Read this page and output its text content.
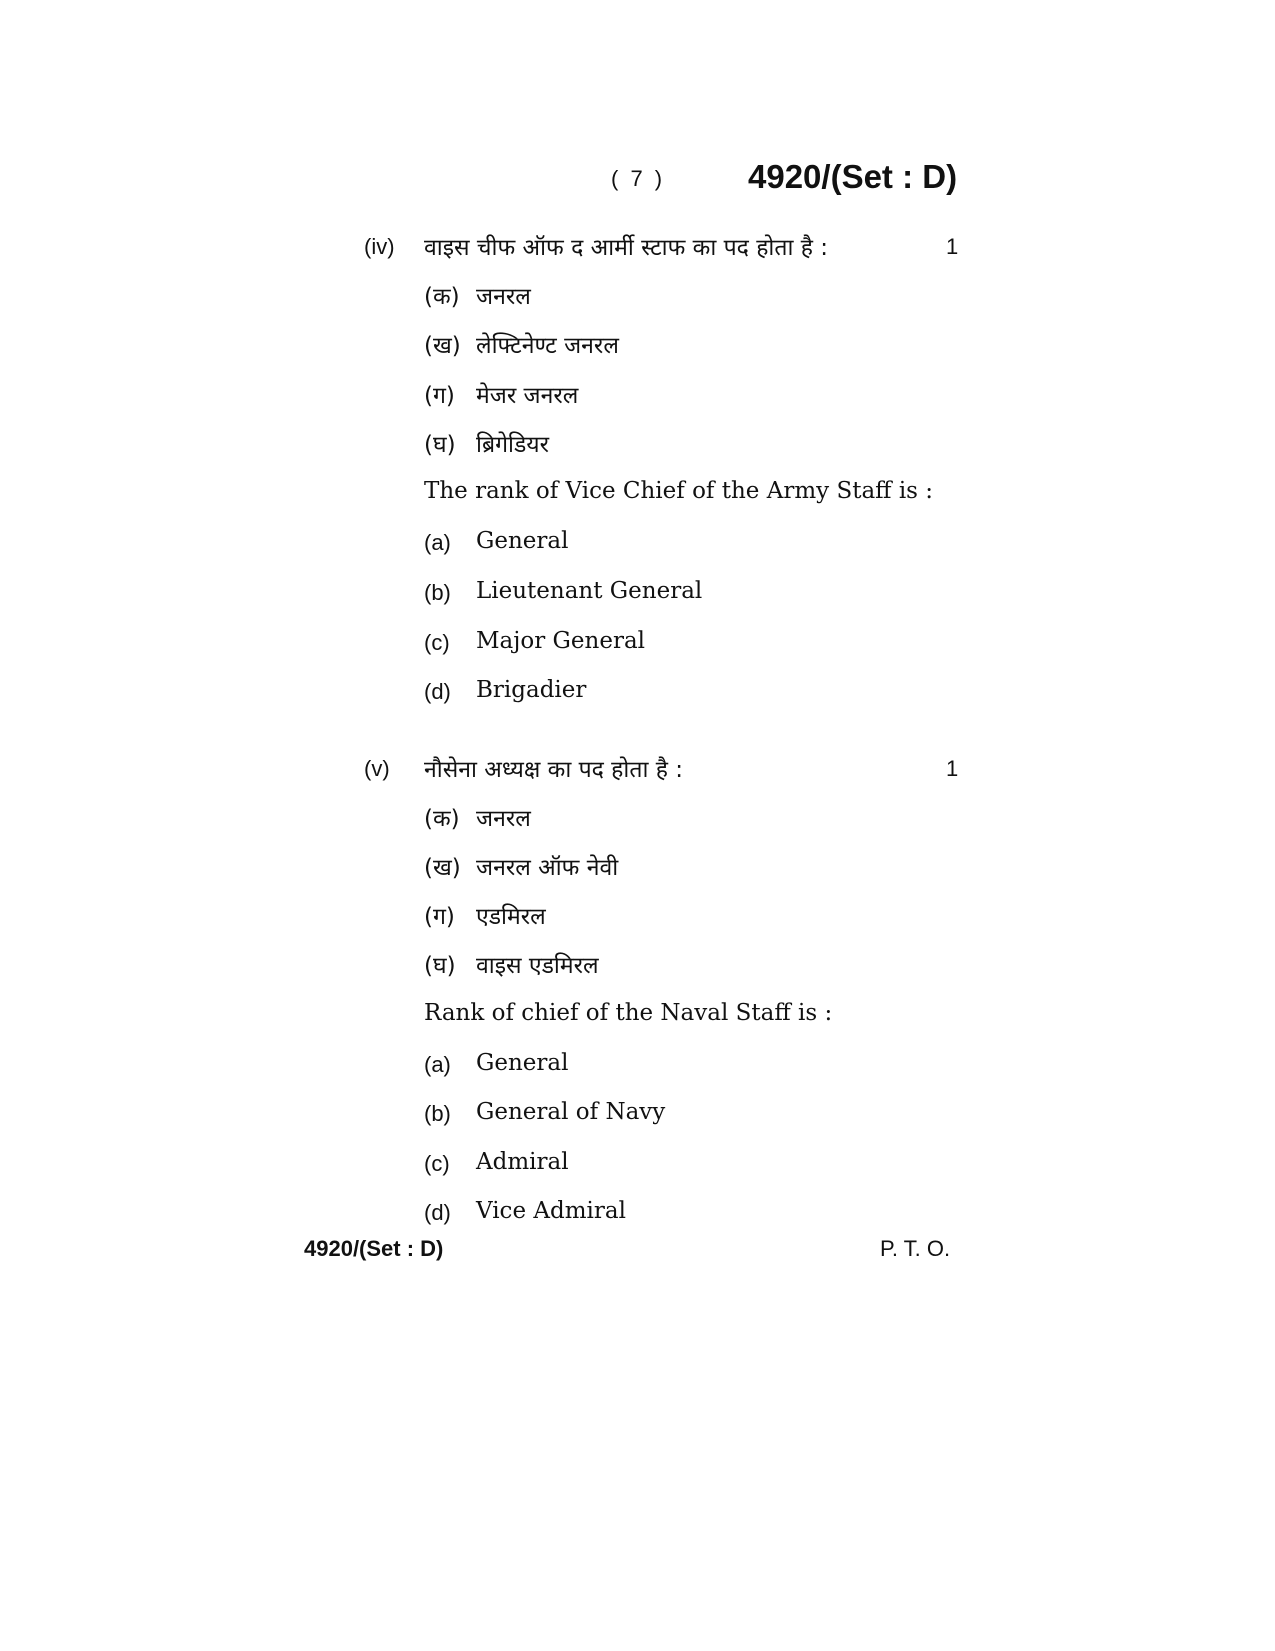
( 7 )	4920/(Set : D)
(iv) वाइस चीफ ऑफ द आर्मी स्टाफ का पद होता है :	1
(क) जनरल
(ख) लेफ्टिनेण्ट जनरल
(ग) मेजर जनरल
(घ) ब्रिगेडियर
The rank of Vice Chief of the Army Staff is :
(a) General
(b) Lieutenant General
(c) Major General
(d) Brigadier
(v) नौसेना अध्यक्ष का पद होता है :	1
(क) जनरल
(ख) जनरल ऑफ नेवी
(ग) एडमिरल
(घ) वाइस एडमिरल
Rank of chief of the Naval Staff is :
(a) General
(b) General of Navy
(c) Admiral
(d) Vice Admiral
4920/(Set : D)	P. T. O.
